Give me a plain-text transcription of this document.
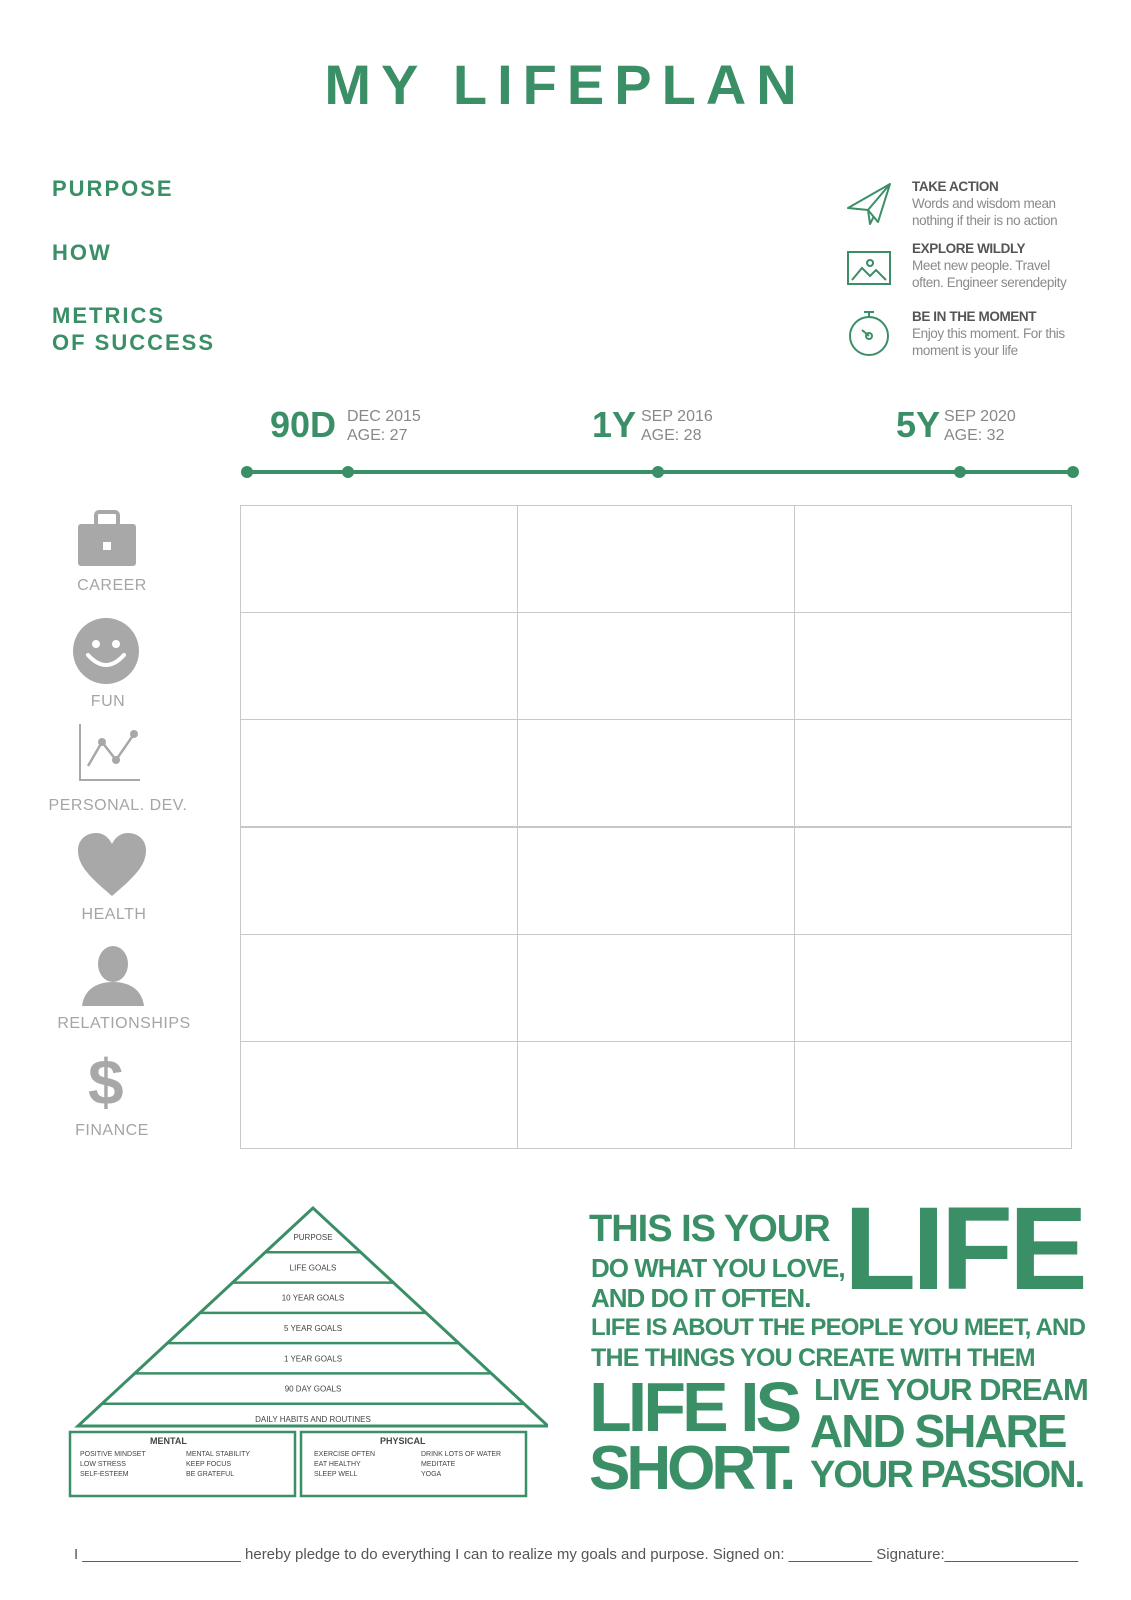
MY LIFEPLAN
PURPOSE
HOW
METRICS
OF SUCCESS
TAKE ACTION
Words and wisdom mean
nothing if their is no action
EXPLORE WILDLY
Meet new people. Travel
often. Engineer serendepity
BE IN THE MOMENT
Enjoy this moment. For this
moment is your life
90D DEC 2015
AGE: 27	1Y SEP 2016
AGE: 28	5Y SEP 2020
AGE: 32
CAREER
FUN
PERSONAL. DEV.
HEALTH
RELATIONSHIPS
$
FINANCE
PURPOSE
LIFE GOALS
10 YEAR GOALS
5 YEAR GOALS
1 YEAR GOALS
90 DAY GOALS
DAILY HABITS AND ROUTINES
MENTAL	PHYSICAL
POSITIVE MINDSET
LOW STRESS
SELF-ESTEEM
MENTAL STABILITY
KEEP FOCUS
BE GRATEFUL
EXERCISE OFTEN
EAT HEALTHY
SLEEP WELL
DRINK LOTS OF WATER
MEDITATE
YOGA
THIS IS YOUR LIFE
DO WHAT YOU LOVE,
AND DO IT OFTEN.
LIFE IS ABOUT THE PEOPLE YOU MEET, AND
THE THINGS YOU CREATE WITH THEM
LIFE IS
SHORT.
LIVE YOUR DREAM
AND SHARE
YOUR PASSION.
I ___________________ hereby pledge to do everything I can to realize my goals and purpose. Signed on: __________ Signature:________________
